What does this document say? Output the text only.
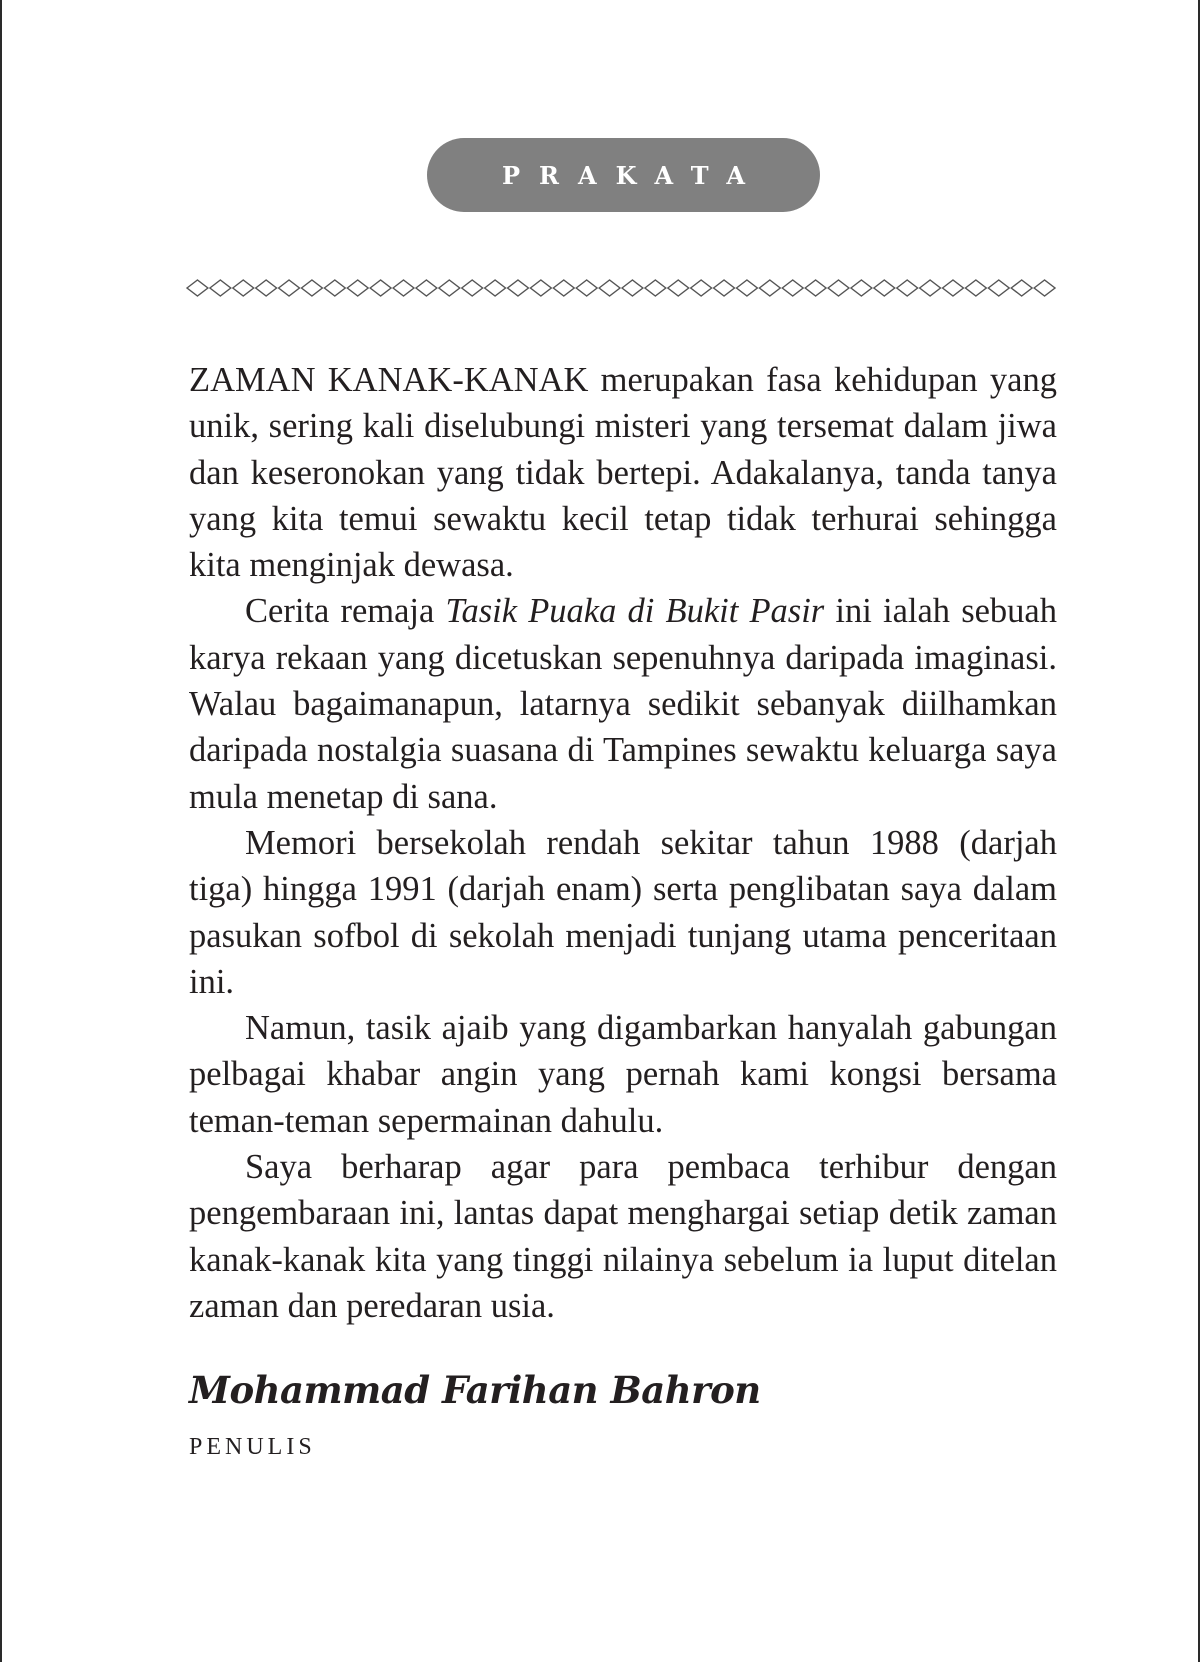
PRAKATA

ZAMAN KANAK-KANAK merupakan fasa kehidupan yang unik, sering kali diselubungi misteri yang tersemat dalam jiwa dan keseronokan yang tidak bertepi. Adakalanya, tanda tanya yang kita temui sewaktu kecil tetap tidak terhurai sehingga kita menginjak dewasa.

Cerita remaja Tasik Puaka di Bukit Pasir ini ialah sebuah karya rekaan yang dicetuskan sepenuhnya daripada imaginasi. Walau bagaimanapun, latarnya sedikit sebanyak diilhamkan daripada nostalgia suasana di Tampines sewaktu keluarga saya mula menetap di sana.

Memori bersekolah rendah sekitar tahun 1988 (darjah tiga) hingga 1991 (darjah enam) serta penglibatan saya dalam pasukan sofbol di sekolah menjadi tunjang utama penceritaan ini.

Namun, tasik ajaib yang digambarkan hanyalah gabungan pelbagai khabar angin yang pernah kami kongsi bersama teman-teman sepermainan dahulu.

Saya berharap agar para pembaca terhibur dengan pengembaraan ini, lantas dapat menghargai setiap detik zaman kanak-kanak kita yang tinggi nilainya sebelum ia luput ditelan zaman dan peredaran usia.

Mohammad Farihan Bahron
PENULIS
